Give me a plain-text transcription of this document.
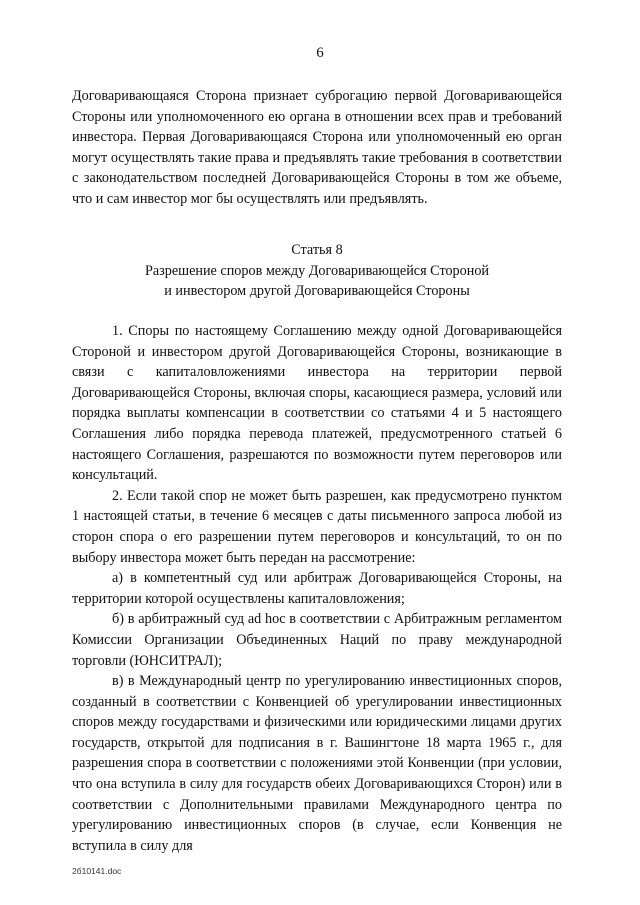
6

Договаривающаяся Сторона признает суброгацию первой Договаривающейся Стороны или уполномоченного ею органа в отношении всех прав и требований инвестора. Первая Договаривающаяся Сторона или уполномоченный ею орган могут осуществлять такие права и предъявлять такие требования в соответствии с законодательством последней Договаривающейся Стороны в том же объеме, что и сам инвестор мог бы осуществлять или предъявлять.

Статья 8
Разрешение споров между Договаривающейся Стороной
и инвестором другой Договаривающейся Стороны

1. Споры по настоящему Соглашению между одной Договаривающейся Стороной и инвестором другой Договаривающейся Стороны, возникающие в связи с капиталовложениями инвестора на территории первой Договаривающейся Стороны, включая споры, касающиеся размера, условий или порядка выплаты компенсации в соответствии со статьями 4 и 5 настоящего Соглашения либо порядка перевода платежей, предусмотренного статьей 6 настоящего Соглашения, разрешаются по возможности путем переговоров или консультаций.

2. Если такой спор не может быть разрешен, как предусмотрено пунктом 1 настоящей статьи, в течение 6 месяцев с даты письменного запроса любой из сторон спора о его разрешении путем переговоров и консультаций, то он по выбору инвестора может быть передан на рассмотрение:

а) в компетентный суд или арбитраж Договаривающейся Стороны, на территории которой осуществлены капиталовложения;

б) в арбитражный суд ad hoc в соответствии с Арбитражным регламентом Комиссии Организации Объединенных Наций по праву международной торговли (ЮНСИТРАЛ);

в) в Международный центр по урегулированию инвестиционных споров, созданный в соответствии с Конвенцией об урегулировании инвестиционных споров между государствами и физическими или юридическими лицами других государств, открытой для подписания в г. Вашингтоне 18 марта 1965 г., для разрешения спора в соответствии с положениями этой Конвенции (при условии, что она вступила в силу для государств обеих Договаривающихся Сторон) или в соответствии с Дополнительными правилами Международного центра по урегулированию инвестиционных споров (в случае, если Конвенция не вступила в силу для

2б10141.doc
